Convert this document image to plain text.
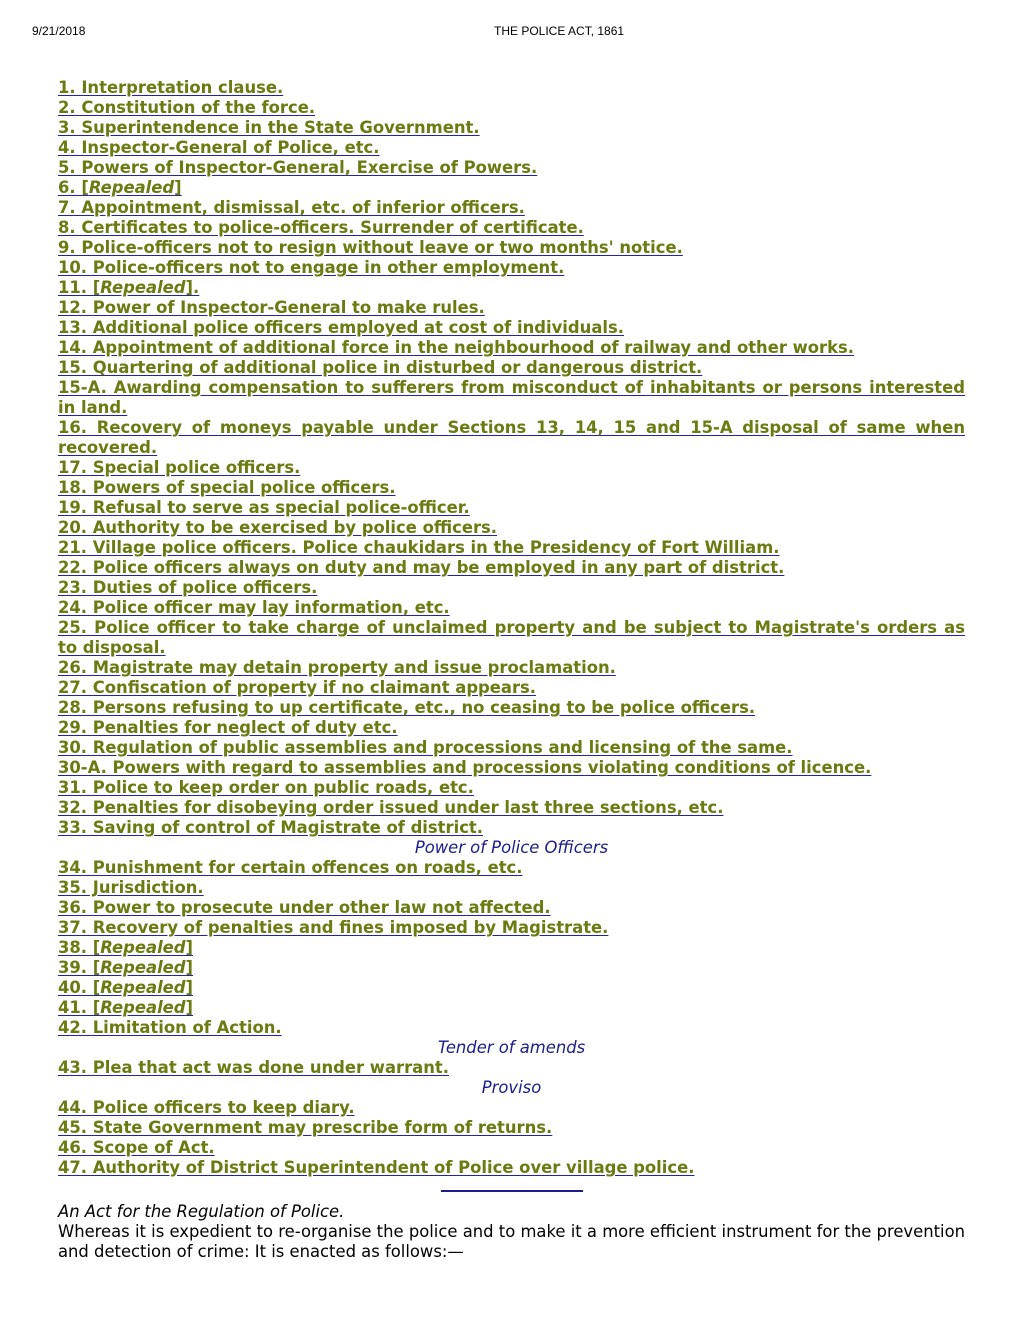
9/21/2018	THE POLICE ACT, 1861
1. Interpretation clause.
2. Constitution of the force.
3. Superintendence in the State Government.
4. Inspector-General of Police, etc.
5. Powers of Inspector-General, Exercise of Powers.
6. [Repealed]
7. Appointment, dismissal, etc. of inferior officers.
8. Certificates to police-officers. Surrender of certificate.
9. Police-officers not to resign without leave or two months' notice.
10. Police-officers not to engage in other employment.
11. [Repealed].
12. Power of Inspector-General to make rules.
13. Additional police officers employed at cost of individuals.
14. Appointment of additional force in the neighbourhood of railway and other works.
15. Quartering of additional police in disturbed or dangerous district.
15-A. Awarding compensation to sufferers from misconduct of inhabitants or persons interested in land.
16. Recovery of moneys payable under Sections 13, 14, 15 and 15-A disposal of same when recovered.
17. Special police officers.
18. Powers of special police officers.
19. Refusal to serve as special police-officer.
20. Authority to be exercised by police officers.
21. Village police officers. Police chaukidars in the Presidency of Fort William.
22. Police officers always on duty and may be employed in any part of district.
23. Duties of police officers.
24. Police officer may lay information, etc.
25. Police officer to take charge of unclaimed property and be subject to Magistrate's orders as to disposal.
26. Magistrate may detain property and issue proclamation.
27. Confiscation of property if no claimant appears.
28. Persons refusing to up certificate, etc., no ceasing to be police officers.
29. Penalties for neglect of duty etc.
30. Regulation of public assemblies and processions and licensing of the same.
30-A. Powers with regard to assemblies and processions violating conditions of licence.
31. Police to keep order on public roads, etc.
32. Penalties for disobeying order issued under last three sections, etc.
33. Saving of control of Magistrate of district.
Power of Police Officers
34. Punishment for certain offences on roads, etc.
35. Jurisdiction.
36. Power to prosecute under other law not affected.
37. Recovery of penalties and fines imposed by Magistrate.
38. [Repealed]
39. [Repealed]
40. [Repealed]
41. [Repealed]
42. Limitation of Action.
Tender of amends
43. Plea that act was done under warrant.
Proviso
44. Police officers to keep diary.
45. State Government may prescribe form of returns.
46. Scope of Act.
47. Authority of District Superintendent of Police over village police.
An Act for the Regulation of Police.
Whereas it is expedient to re-organise the police and to make it a more efficient instrument for the prevention and detection of crime: It is enacted as follows:—
